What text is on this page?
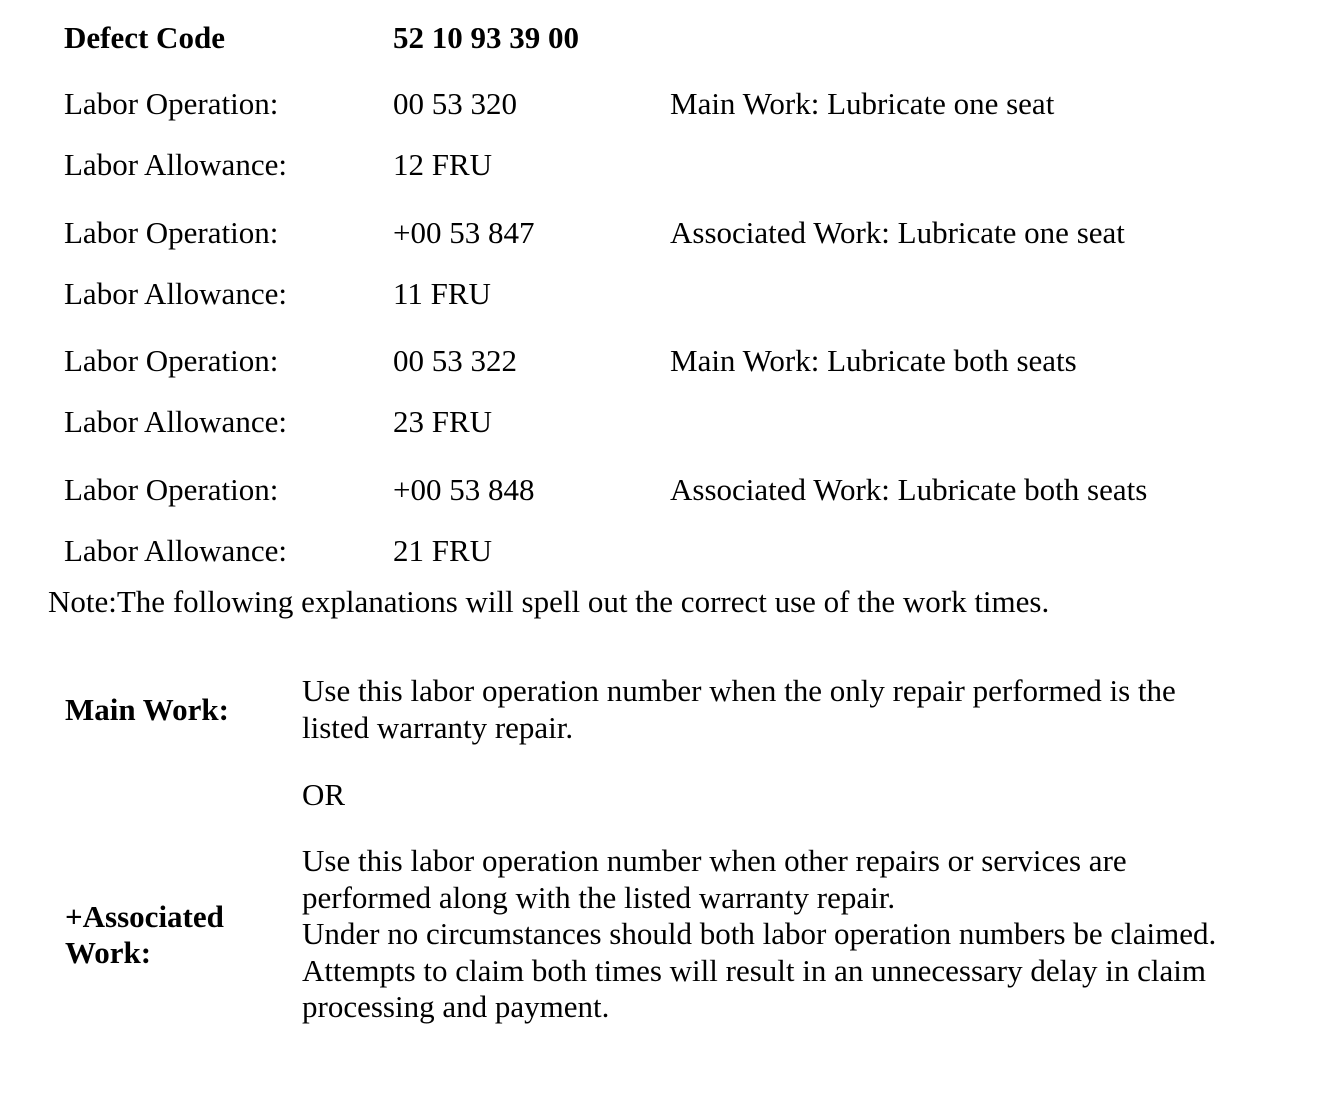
Defect Code	52 10 93 39 00
Labor Operation:	00 53 320	Main Work: Lubricate one seat
Labor Allowance:	12 FRU
Labor Operation:	+00 53 847	Associated Work: Lubricate one seat
Labor Allowance:	11 FRU
Labor Operation:	00 53 322	Main Work: Lubricate both seats
Labor Allowance:	23 FRU
Labor Operation:	+00 53 848	Associated Work: Lubricate both seats
Labor Allowance:	21 FRU
Note:The following explanations will spell out the correct use of the work times.
Main Work:
Use this labor operation number when the only repair performed is the
listed warranty repair.
OR
+Associated
Work:
Use this labor operation number when other repairs or services are
performed along with the listed warranty repair.
Under no circumstances should both labor operation numbers be claimed.
Attempts to claim both times will result in an unnecessary delay in claim
processing and payment.
